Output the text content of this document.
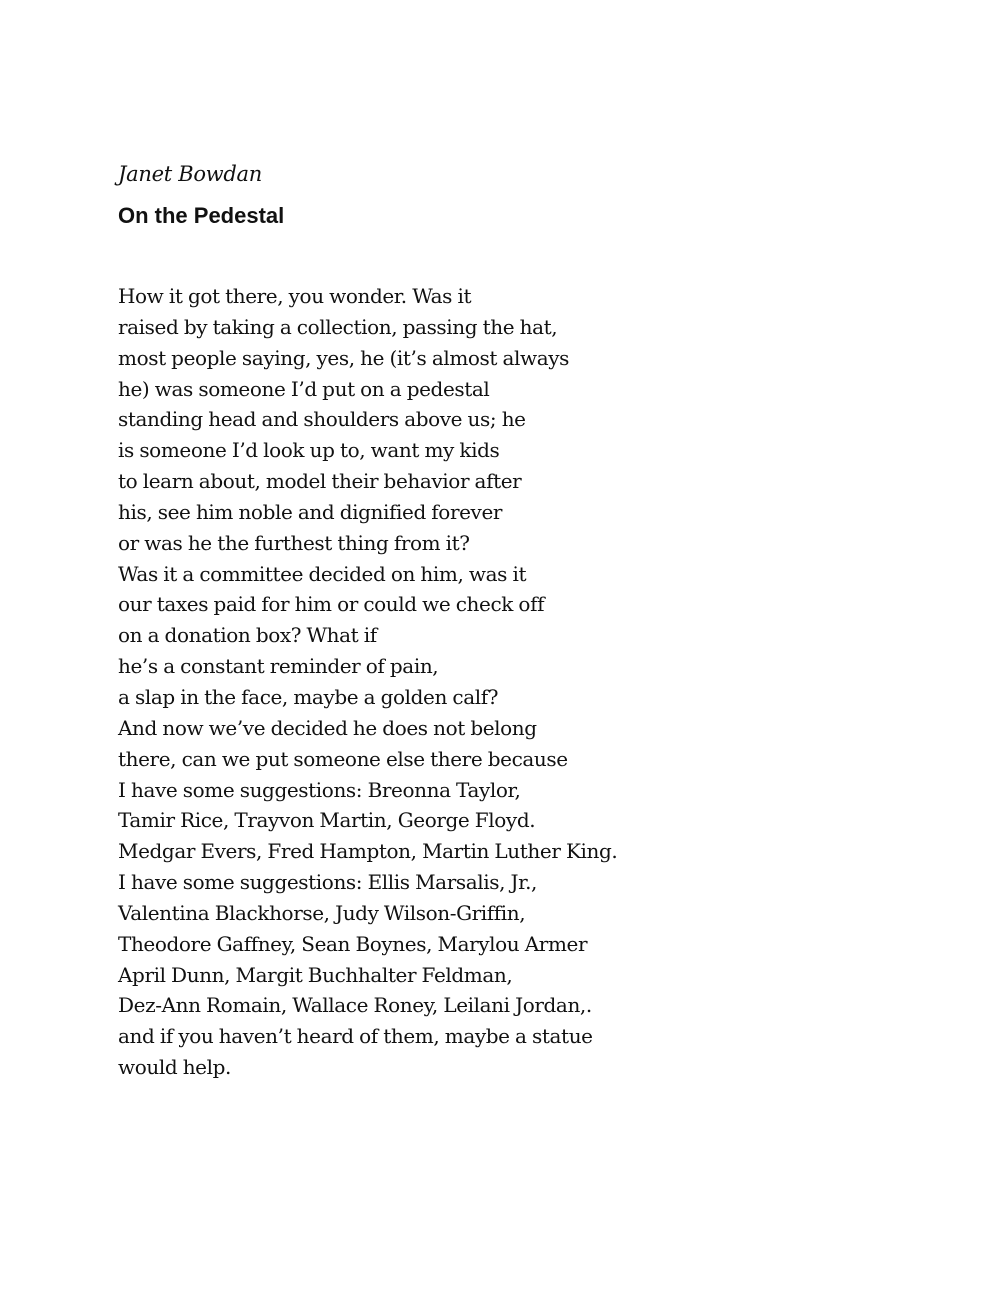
Janet Bowdan
On the Pedestal
How it got there, you wonder. Was it
raised by taking a collection, passing the hat,
most people saying, yes, he (it’s almost always
he) was someone I’d put on a pedestal
standing head and shoulders above us; he
is someone I’d look up to, want my kids
to learn about, model their behavior after
his, see him noble and dignified forever
or was he the furthest thing from it?
Was it a committee decided on him, was it
our taxes paid for him or could we check off
on a donation box? What if
he’s a constant reminder of pain,
a slap in the face, maybe a golden calf?
And now we’ve decided he does not belong
there, can we put someone else there because
I have some suggestions: Breonna Taylor,
Tamir Rice, Trayvon Martin, George Floyd.
Medgar Evers, Fred Hampton, Martin Luther King.
I have some suggestions: Ellis Marsalis, Jr.,
Valentina Blackhorse, Judy Wilson-Griffin,
Theodore Gaffney, Sean Boynes, Marylou Armer
April Dunn, Margit Buchhalter Feldman,
Dez-Ann Romain, Wallace Roney, Leilani Jordan,.
and if you haven’t heard of them, maybe a statue
would help.
